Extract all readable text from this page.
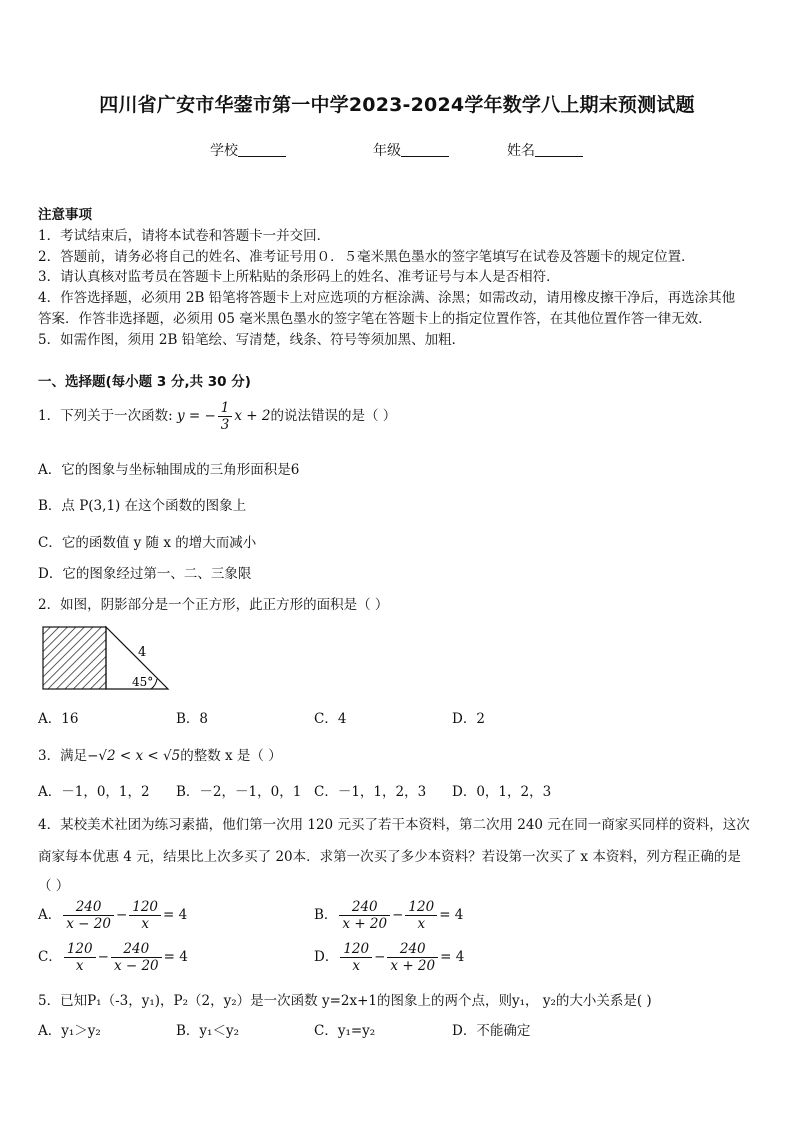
四川省广安市华蓥市第一中学2023-2024学年数学八上期末预测试题
学校	年级	姓名
注意事项
1．考试结束后，请将本试卷和答题卡一并交回．
2．答题前，请务必将自己的姓名、准考证号用０．５毫米黑色墨水的签字笔填写在试卷及答题卡的规定位置．
3．请认真核对监考员在答题卡上所粘贴的条形码上的姓名、准考证号与本人是否相符．
4．作答选择题，必须用 2B 铅笔将答题卡上对应选项的方框涂满、涂黑；如需改动，请用橡皮擦干净后，再选涂其他
答案．作答非选择题，必须用 05 毫米黑色墨水的签字笔在答题卡上的指定位置作答，在其他位置作答一律无效．
5．如需作图，须用 2B 铅笔绘、写清楚，线条、符号等须加黑、加粗．
一、选择题(每小题 3 分,共 30 分)
1．下列关于一次函数: y = − $\frac{1}{3}$ x + 2的说法错误的是（ ）
A．它的图象与坐标轴围成的三角形面积是6
B．点 P(3,1) 在这个函数的图象上
C．它的函数值 y 随 x 的增大而减小
D．它的图象经过第一、二、三象限
2．如图，阴影部分是一个正方形，此正方形的面积是（ ）
4
45°
A．16	B．8	C．4	D．2
3．满足−√2 < x < √5的整数 x 是（ ）
A．－1，0，1，2 B．－2，－1，0，1 C．－1，1，2，3 D．0，1，2，3
4．某校美术社团为练习素描，他们第一次用 120 元买了若干本资料，第二次用 240 元在同一商家买同样的资料，这次
商家每本优惠 4 元，结果比上次多买了 20本．求第一次买了多少本资料？若设第一次买了 x 本资料，列方程正确的是
（ ）
A． $\frac{240}{x - 20} - \frac{120}{x} = 4$	B． $\frac{240}{x + 20} - \frac{120}{x} = 4$
C． $\frac{120}{x} - \frac{240}{x - 20} = 4$	D． $\frac{120}{x} - \frac{240}{x + 20} = 4$
5．已知P₁（-3，y₁)，P₂（2，y₂）是一次函数 y=2x+1的图象上的两个点，则y₁， y₂的大小关系是( )
A．y₁＞y₂	B．y₁＜y₂	C．y₁=y₂	D．不能确定
